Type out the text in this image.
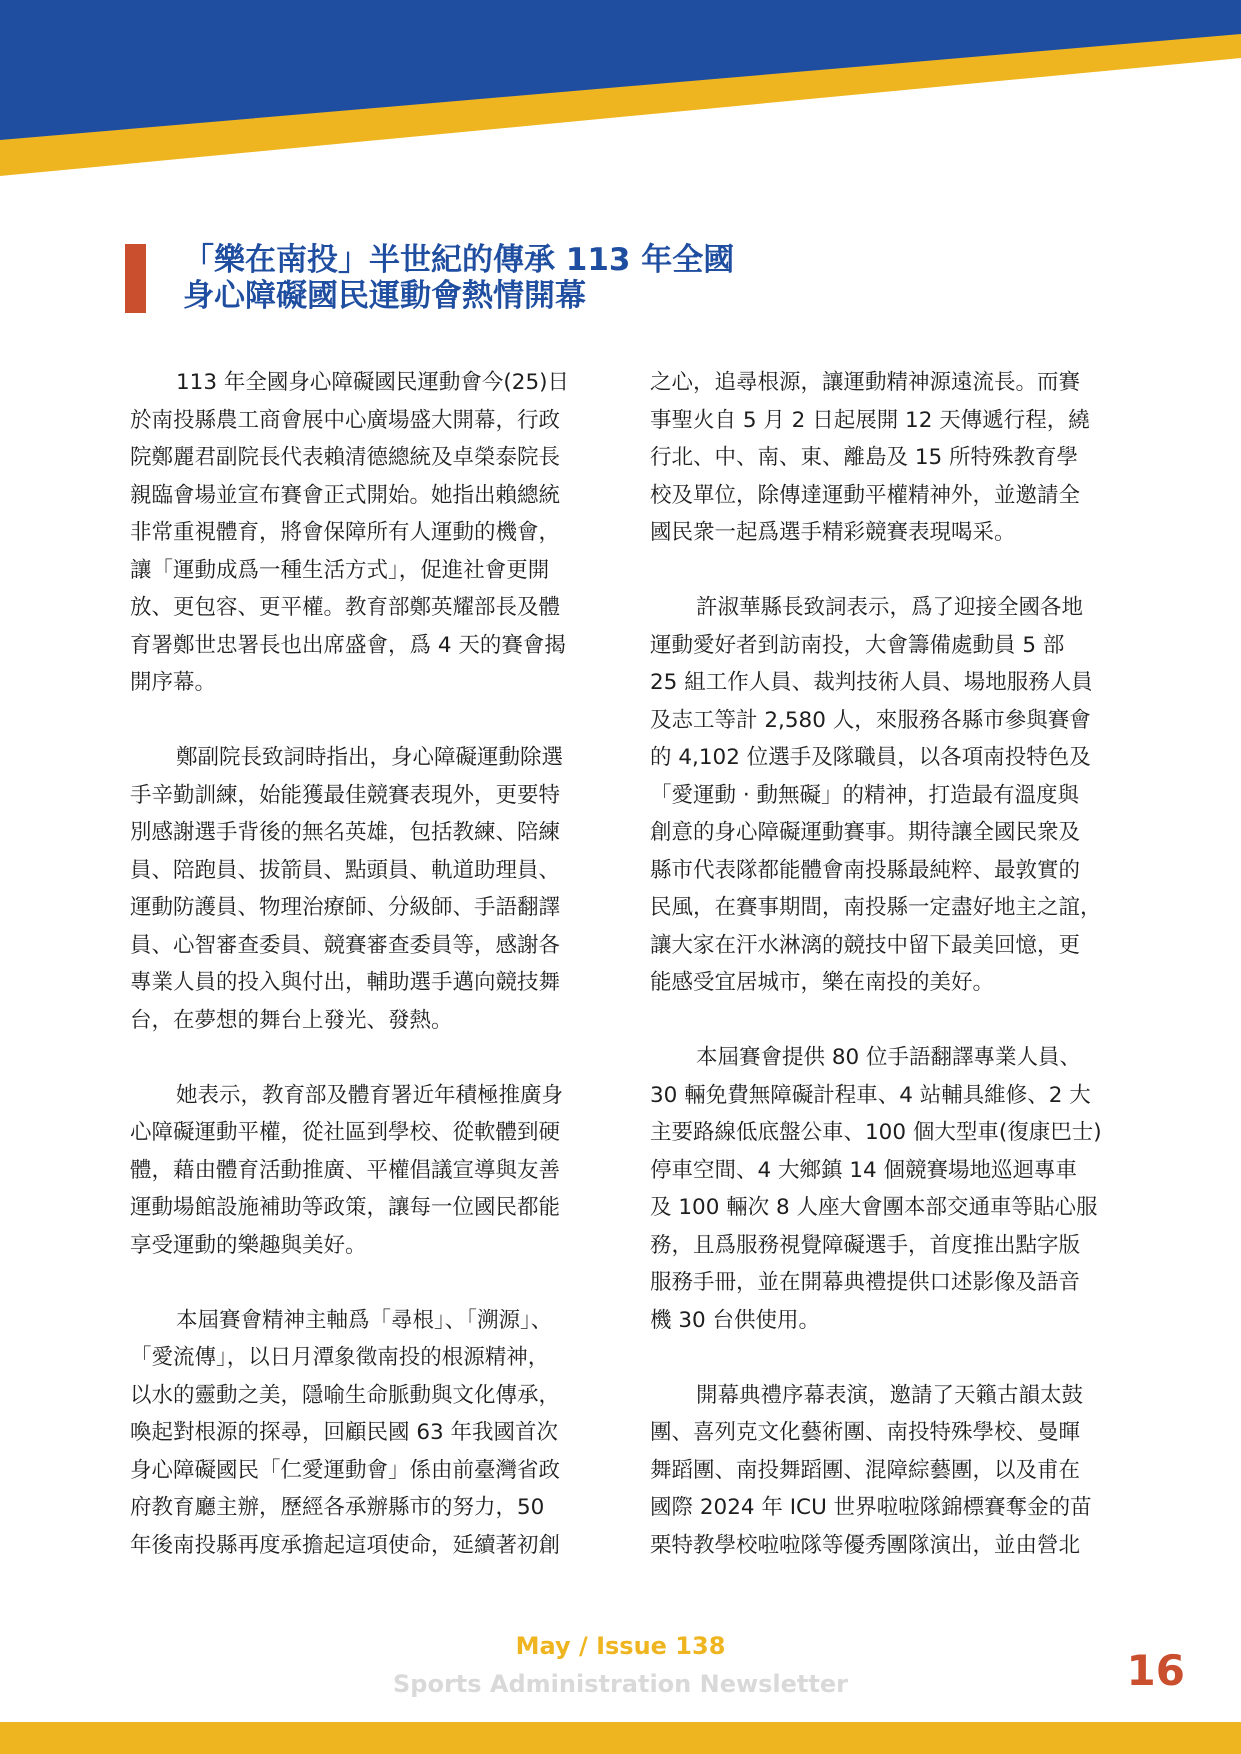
「樂在南投」半世紀的傳承 113 年全國
身心障礙國民運動會熱情開幕
113 年全國身心障礙國民運動會今(25)日
於南投縣農工商會展中心廣場盛大開幕，行政
院鄭麗君副院長代表賴清德總統及卓榮泰院長
親臨會場並宣布賽會正式開始。她指出賴總統
非常重視體育，將會保障所有人運動的機會，
讓「運動成爲一種生活方式」，促進社會更開
放、更包容、更平權。教育部鄭英耀部長及體
育署鄭世忠署長也出席盛會，爲 4 天的賽會揭
開序幕。
鄭副院長致詞時指出，身心障礙運動除選
手辛勤訓練，始能獲最佳競賽表現外，更要特
別感謝選手背後的無名英雄，包括教練、陪練
員、陪跑員、拔箭員、點頭員、軌道助理員、
運動防護員、物理治療師、分級師、手語翻譯
員、心智審查委員、競賽審查委員等，感謝各
專業人員的投入與付出，輔助選手邁向競技舞
台，在夢想的舞台上發光、發熱。
她表示，教育部及體育署近年積極推廣身
心障礙運動平權，從社區到學校、從軟體到硬
體，藉由體育活動推廣、平權倡議宣導與友善
運動場館設施補助等政策，讓每一位國民都能
享受運動的樂趣與美好。
本屆賽會精神主軸爲「尋根」、「溯源」、
「愛流傳」，以日月潭象徵南投的根源精神，
以水的靈動之美，隱喻生命脈動與文化傳承，
喚起對根源的探尋，回顧民國 63 年我國首次
身心障礙國民「仁愛運動會」係由前臺灣省政
府教育廳主辦，歷經各承辦縣市的努力，50
年後南投縣再度承擔起這項使命，延續著初創
之心，追尋根源，讓運動精神源遠流長。而賽
事聖火自 5 月 2 日起展開 12 天傳遞行程，繞
行北、中、南、東、離島及 15 所特殊教育學
校及單位，除傳達運動平權精神外，並邀請全
國民衆一起爲選手精彩競賽表現喝采。
許淑華縣長致詞表示，爲了迎接全國各地
運動愛好者到訪南投，大會籌備處動員 5 部
25 組工作人員、裁判技術人員、場地服務人員
及志工等計 2,580 人，來服務各縣市參與賽會
的 4,102 位選手及隊職員，以各項南投特色及
「愛運動 ‧ 動無礙」的精神，打造最有溫度與
創意的身心障礙運動賽事。期待讓全國民衆及
縣市代表隊都能體會南投縣最純粹、最敦實的
民風，在賽事期間，南投縣一定盡好地主之誼，
讓大家在汗水淋漓的競技中留下最美回憶，更
能感受宜居城市，樂在南投的美好。
本屆賽會提供 80 位手語翻譯專業人員、
30 輛免費無障礙計程車、4 站輔具維修、2 大
主要路線低底盤公車、100 個大型車(復康巴士)
停車空間、4 大鄉鎮 14 個競賽場地巡迴專車
及 100 輛次 8 人座大會團本部交通車等貼心服
務，且爲服務視覺障礙選手，首度推出點字版
服務手冊，並在開幕典禮提供口述影像及語音
機 30 台供使用。
開幕典禮序幕表演，邀請了天籟古韻太鼓
團、喜列克文化藝術團、南投特殊學校、曼暉
舞蹈團、南投舞蹈團、混障綜藝團，以及甫在
國際 2024 年 ICU 世界啦啦隊錦標賽奪金的苗
栗特教學校啦啦隊等優秀團隊演出，並由營北
May / Issue 138
Sports Administration Newsletter	16
